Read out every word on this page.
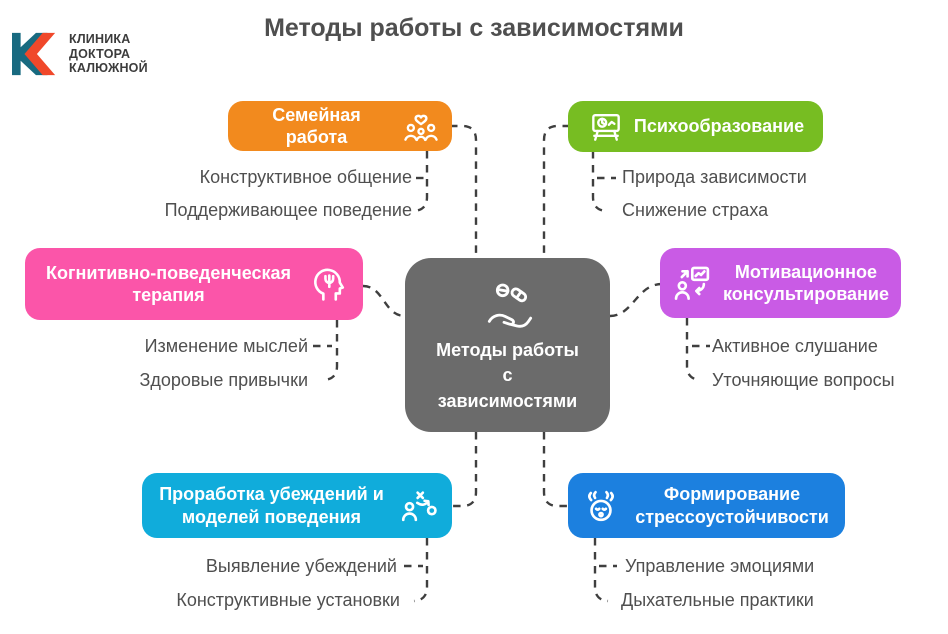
КЛИНИКА
ДОКТОРА
КАЛЮЖНОЙ
Методы работы с зависимостями
Методы работы
с
зависимостями
Семейная работа
Психообразование
Когнитивно-поведенческая терапия
Мотивационное консультирование
Проработка убеждений и моделей поведения
Формирование стрессоустойчивости
Конструктивное общение
Поддерживающее поведение
Природа зависимости
Снижение страха
Изменение мыслей
Здоровые привычки
Активное слушание
Уточняющие вопросы
Выявление убеждений
Конструктивные установки
Управление эмоциями
Дыхательные практики
